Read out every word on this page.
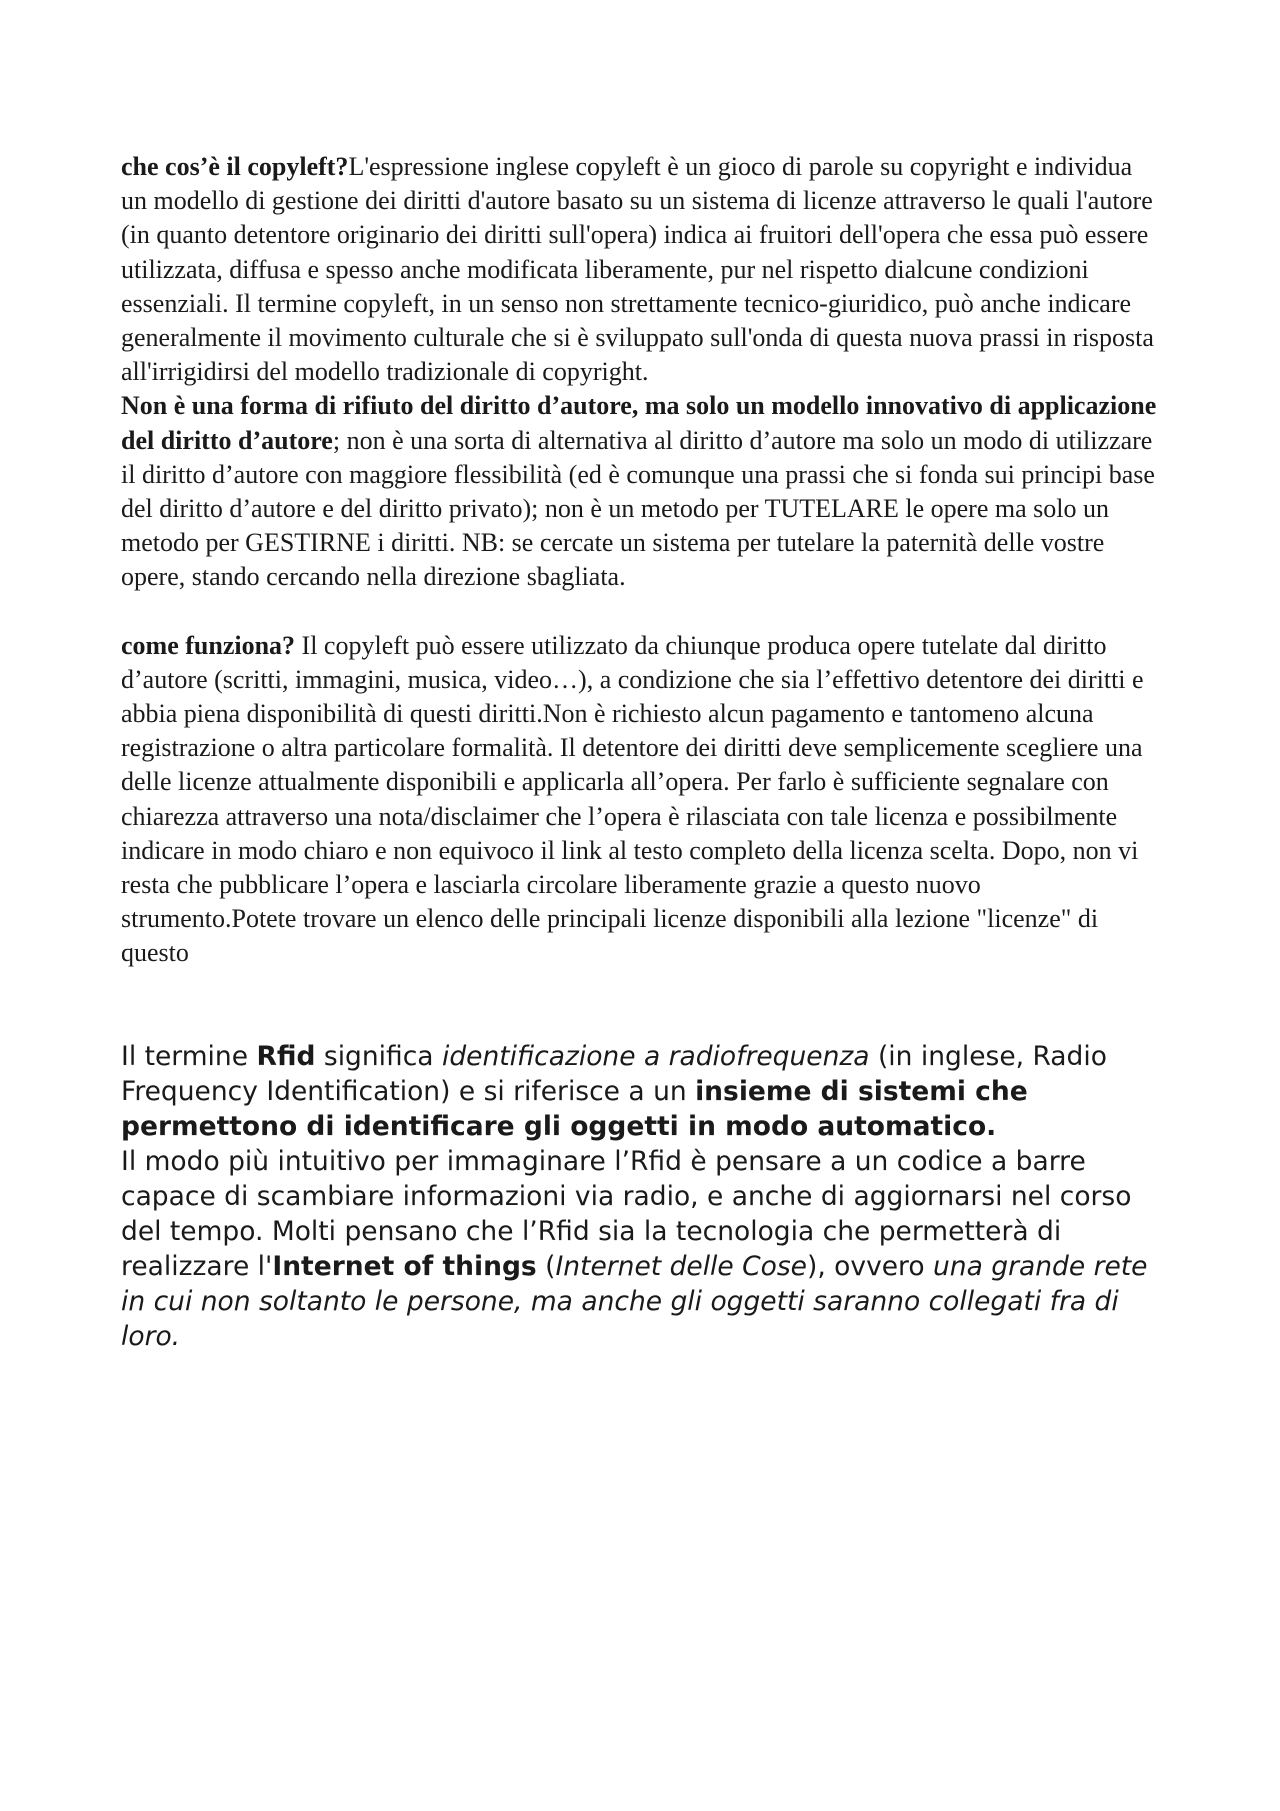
che cos’è il copyleft?L'espressione inglese copyleft è un gioco di parole su copyright e individua un modello di gestione dei diritti d'autore basato su un sistema di licenze attraverso le quali l'autore (in quanto detentore originario dei diritti sull'opera) indica ai fruitori dell'opera che essa può essere utilizzata, diffusa e spesso anche modificata liberamente, pur nel rispetto dialcune condizioni essenziali. Il termine copyleft, in un senso non strettamente tecnico-giuridico, può anche indicare generalmente il movimento culturale che si è sviluppato sull'onda di questa nuova prassi in risposta all'irrigidirsi del modello tradizionale di copyright.

Non è una forma di rifiuto del diritto d’autore, ma solo un modello innovativo di applicazione del diritto d’autore; non è una sorta di alternativa al diritto d’autore ma solo un modo di utilizzare il diritto d’autore con maggiore flessibilità (ed è comunque una prassi che si fonda sui principi base del diritto d’autore e del diritto privato); non è un metodo per TUTELARE le opere ma solo un metodo per GESTIRNE i diritti. NB: se cercate un sistema per tutelare la paternità delle vostre opere, stando cercando nella direzione sbagliata.

come funziona? Il copyleft può essere utilizzato da chiunque produca opere tutelate dal diritto d’autore (scritti, immagini, musica, video…), a condizione che sia l’effettivo detentore dei diritti e abbia piena disponibilità di questi diritti.Non è richiesto alcun pagamento e tantomeno alcuna registrazione o altra particolare formalità. Il detentore dei diritti deve semplicemente scegliere una delle licenze attualmente disponibili e applicarla all’opera. Per farlo è sufficiente segnalare con chiarezza attraverso una nota/disclaimer che l’opera è rilasciata con tale licenza e possibilmente indicare in modo chiaro e non equivoco il link al testo completo della licenza scelta. Dopo, non vi resta che pubblicare l’opera e lasciarla circolare liberamente grazie a questo nuovo strumento.Potete trovare un elenco delle principali licenze disponibili alla lezione "licenze" di questo

Il termine Rfid significa identificazione a radiofrequenza (in inglese, Radio Frequency Identification) e si riferisce a un insieme di sistemi che permettono di identificare gli oggetti in modo automatico.

Il modo più intuitivo per immaginare l’Rfid è pensare a un codice a barre capace di scambiare informazioni via radio, e anche di aggiornarsi nel corso del tempo. Molti pensano che l’Rfid sia la tecnologia che permetterà di realizzare l'Internet of things (Internet delle Cose), ovvero una grande rete in cui non soltanto le persone, ma anche gli oggetti saranno collegati fra di loro.
